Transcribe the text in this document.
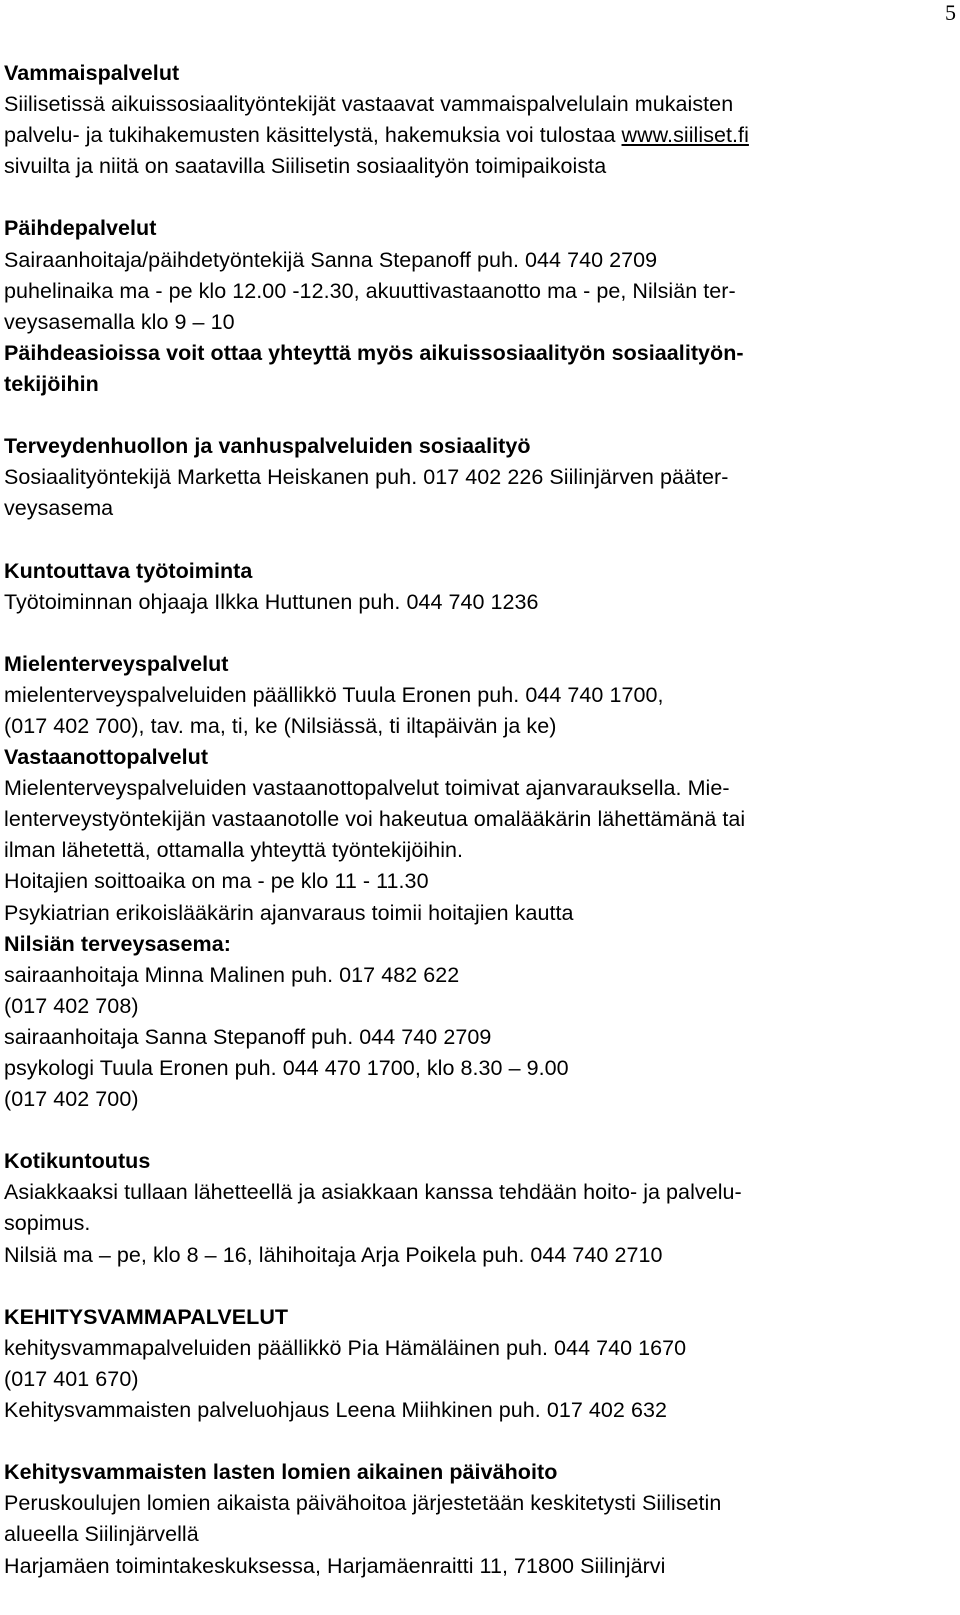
5
Vammaispalvelut
Siilisetissä aikuissosiaalityöntekijät vastaavat vammaispalvelulain mukaisten
palvelu- ja tukihakemusten käsittelystä, hakemuksia voi tulostaa www.siiliset.fi
sivuilta ja niitä on saatavilla Siilisetin sosiaalityön toimipaikoista
Päihdepalvelut
Sairaanhoitaja/päihdetyöntekijä Sanna Stepanoff puh. 044 740 2709
puhelinaika ma - pe klo 12.00 -12.30, akuuttivastaanotto ma - pe, Nilsiän ter-
veysasemalla klo 9 – 10
Päihdeasioissa voit ottaa yhteyttä myös aikuissosiaalityön sosiaalityön-
tekijöihin
Terveydenhuollon ja vanhuspalveluiden sosiaalityö
Sosiaalityöntekijä Marketta Heiskanen puh. 017 402 226 Siilinjärven pääter-
veysasema
Kuntouttava työtoiminta
Työtoiminnan ohjaaja Ilkka Huttunen puh. 044 740 1236
Mielenterveyspalvelut
mielenterveyspalveluiden päällikkö Tuula Eronen puh. 044 740 1700,
(017 402 700), tav. ma, ti, ke (Nilsiässä, ti iltapäivän ja ke)
Vastaanottopalvelut
Mielenterveyspalveluiden vastaanottopalvelut toimivat ajanvarauksella. Mie-
lenterveystyöntekijän vastaanotolle voi hakeutua omalääkärin lähettämänä tai
ilman lähetettä, ottamalla yhteyttä työntekijöihin.
Hoitajien soittoaika on ma - pe klo 11 - 11.30
Psykiatrian erikoislääkärin ajanvaraus toimii hoitajien kautta
Nilsiän terveysasema:
sairaanhoitaja Minna Malinen puh. 017 482 622
(017 402 708)
sairaanhoitaja Sanna Stepanoff puh. 044 740 2709
psykologi Tuula Eronen puh. 044 470 1700, klo 8.30 – 9.00
(017 402 700)
Kotikuntoutus
Asiakkaaksi tullaan lähetteellä ja asiakkaan kanssa tehdään hoito- ja palvelu-
sopimus.
Nilsiä ma – pe, klo 8 – 16, lähihoitaja Arja Poikela puh. 044 740 2710
KEHITYSVAMMAPALVELUT
kehitysvammapalveluiden päällikkö Pia Hämäläinen puh. 044 740 1670
(017 401 670)
Kehitysvammaisten palveluohjaus Leena Miihkinen puh. 017 402 632
Kehitysvammaisten lasten lomien aikainen päivähoito
Peruskoulujen lomien aikaista päivähoitoa järjestetään keskitetysti Siilisetin
alueella Siilinjärvellä
Harjamäen toimintakeskuksessa, Harjamäenraitti 11, 71800 Siilinjärvi
